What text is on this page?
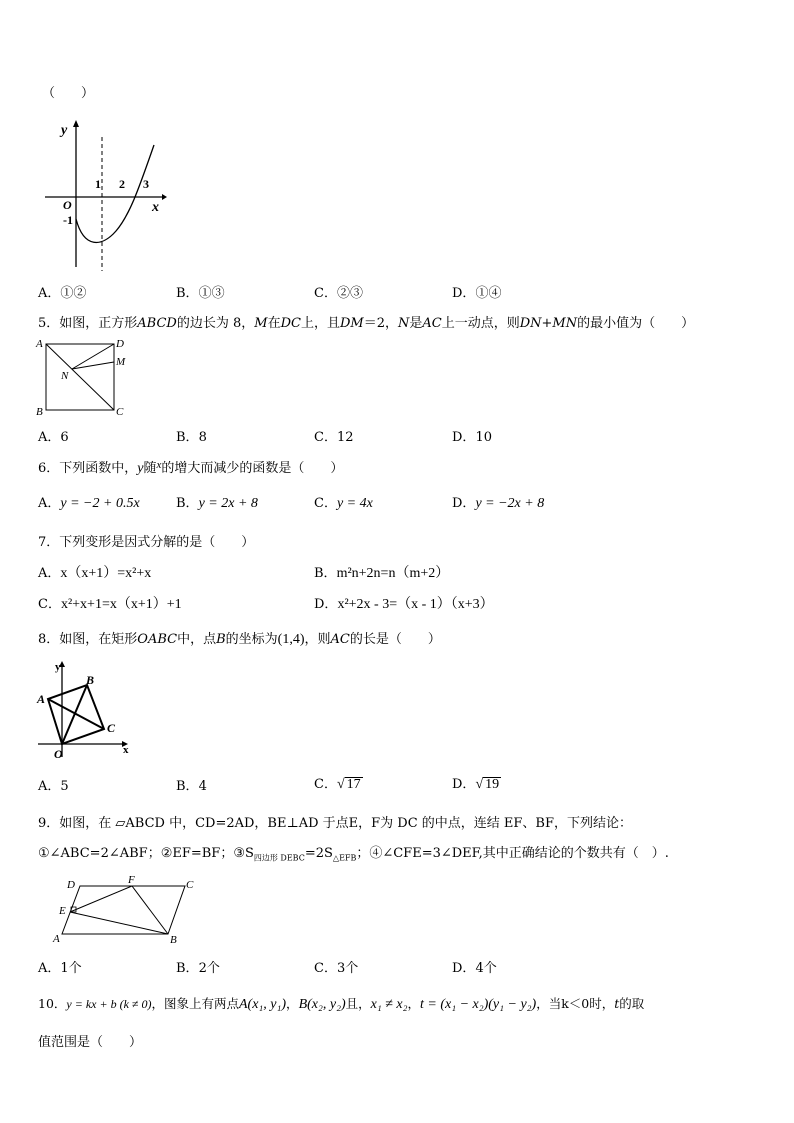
（　　）
y
x
O
-1
1 2 3
A．①②	B．①③	C．②③	D．①④
5．如图，正方形ABCD的边长为 8，M在DC上，且DM＝2，N是AC上一动点，则DN+MN的最小值为（　　）
A	D
M
N
B	C
A．6	B．8	C．12	D．10
6．下列函数中，y随$^x$的增大而减少的函数是（　　）
A．y = −2 + 0.5x	B．y = 2x + 8	C．y = 4x	D．y = −2x + 8
7．下列变形是因式分解的是（　　）
A．x（x+1）=x²+x	B．m²n+2n=n（m+2）
C．x²+x+1=x（x+1）+1	D．x²+2x - 3=（x - 1）（x+3）
8．如图，在矩形OABC中，点B的坐标为(1,4)，则AC的长是（　　）
y
x
A
B
C
O
A．5	B．4	C．√ 17	D．√ 19
9．如图，在 ▱ABCD 中，CD=2AD，BE⊥AD 于点E，F为 DC 的中点，连结 EF、BF，下列结论：
①∠ABC=2∠ABF；②EF=BF；$③S_{四边形 DEBC}=2S_{\triangle EFB}$；④∠CFE=3∠DEF,其中正确结论的个数共有（　）.
D	F	C
E
A	B
A．1个	B．2个	C．3个	D．4个
10．y = kx + b (k ≠ 0)，图象上有两点A(x₁, y₁)，B(x₂, y₂)且，x₁ ≠ x₂，t = (x₁ − x₂)(y₁ − y₂)，当k＜0时，t的取
值范围是（　　）
